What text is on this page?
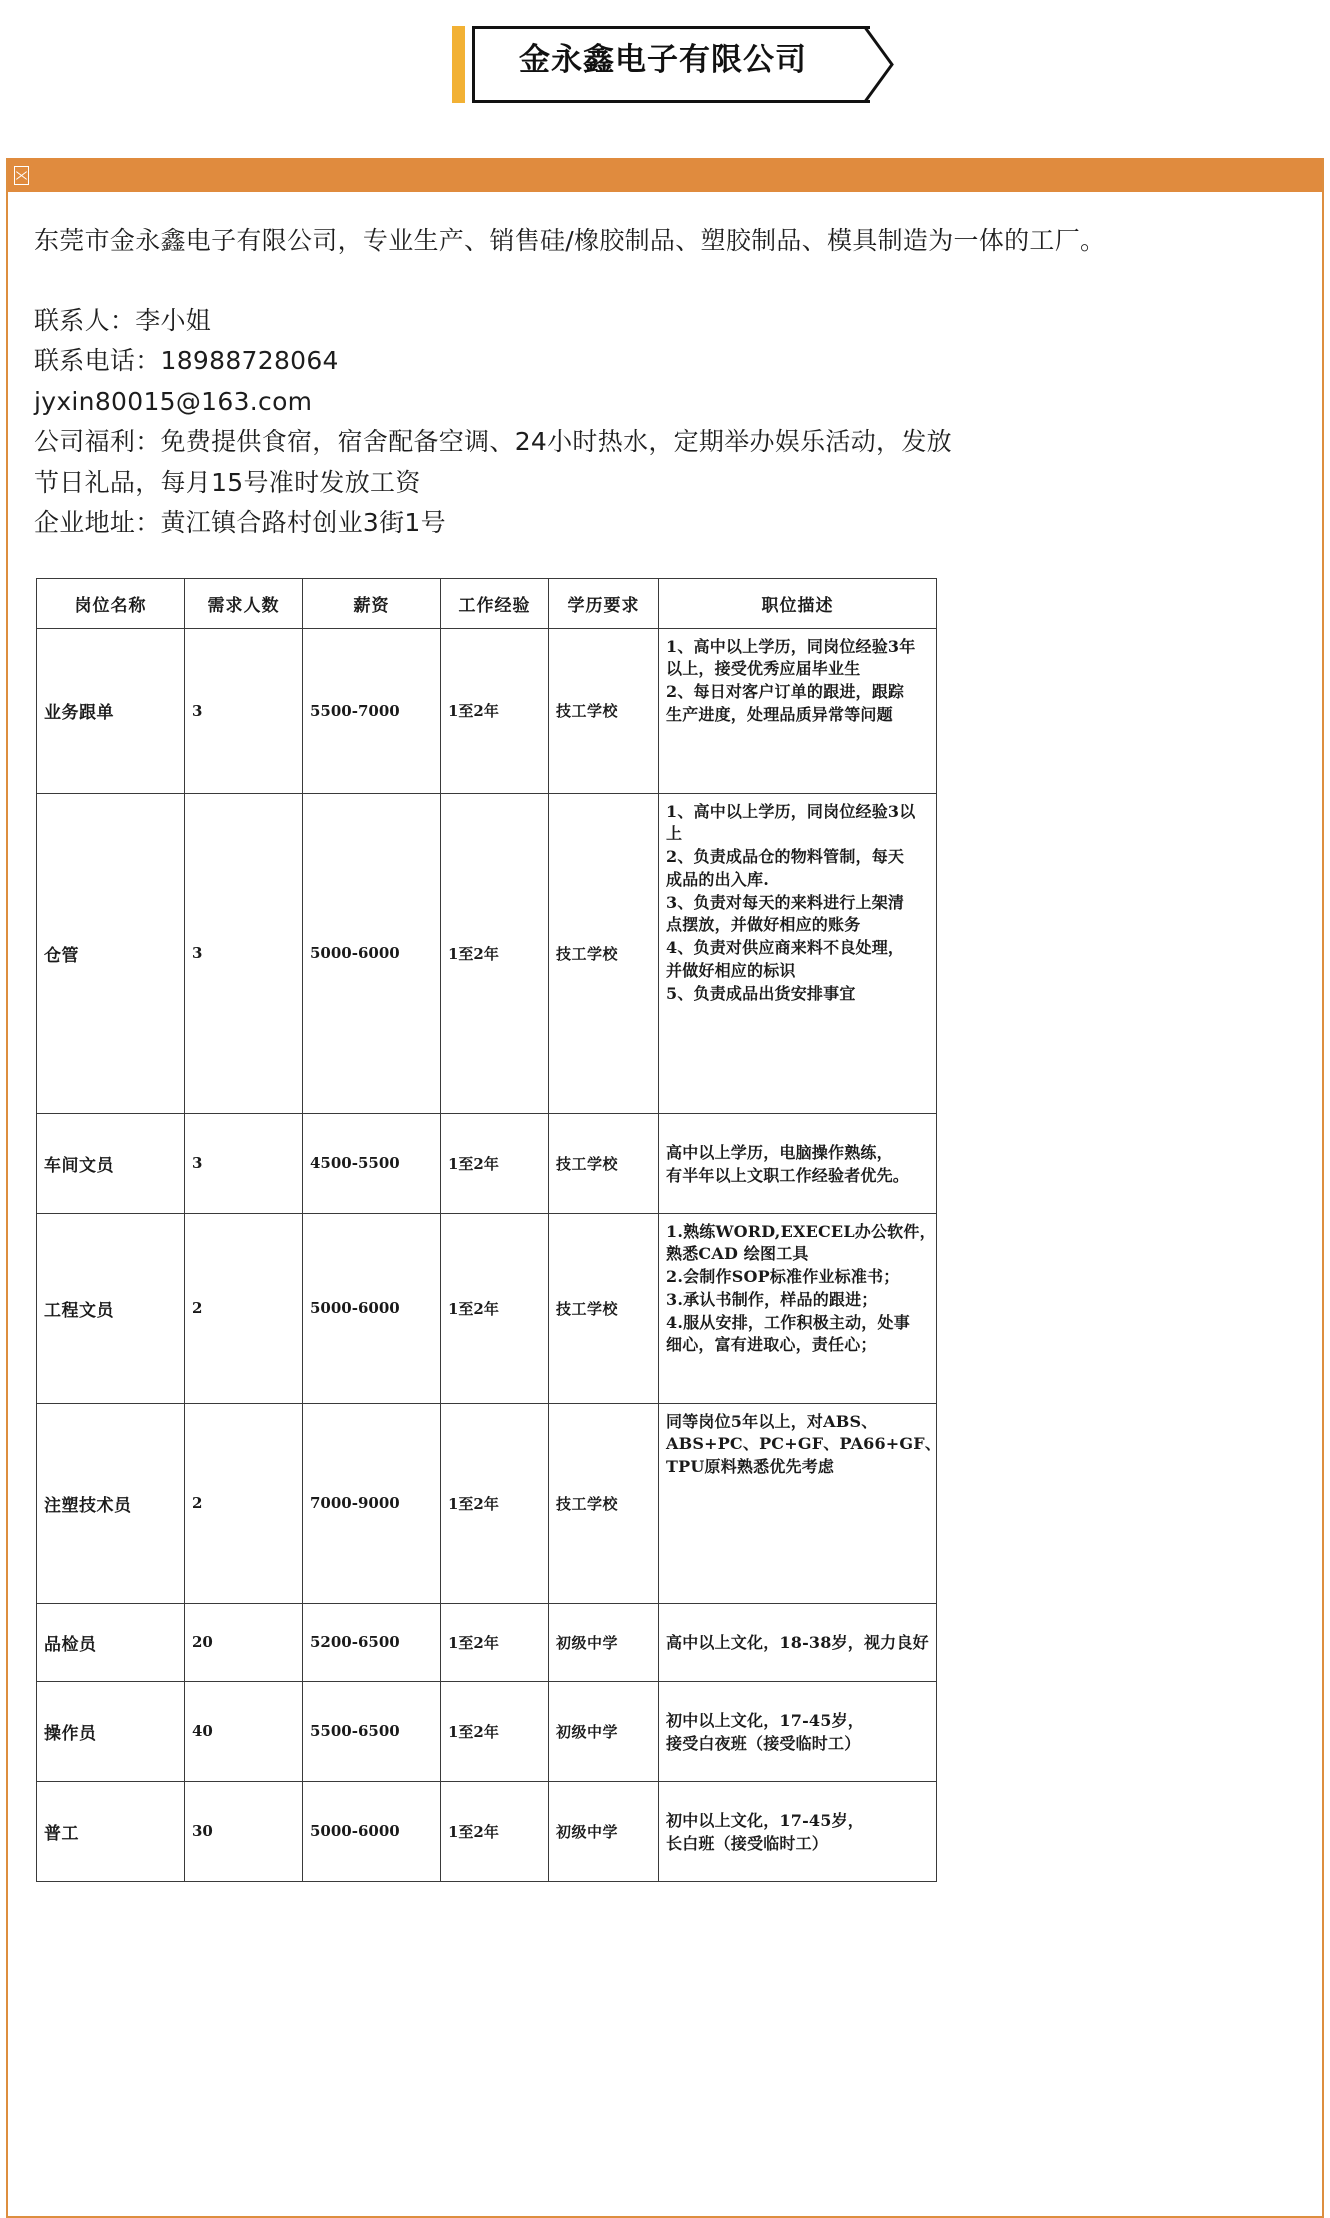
金永鑫电子有限公司

东莞市金永鑫电子有限公司，专业生产、销售硅/橡胶制品、塑胶制品、模具制造为一体的工厂。

联系人：李小姐
联系电话：18988728064
jyxin80015@163.com
公司福利：免费提供食宿，宿舍配备空调、24小时热水，定期举办娱乐活动，发放
节日礼品，每月15号准时发放工资
企业地址：黄江镇合路村创业3街1号
岗位名称	需求人数	薪资	工作经验	学历要求	职位描述
业务跟单	3	5500-7000	1至2年	技工学校	1、高中以上学历，同岗位经验3年
以上，接受优秀应届毕业生
2、每日对客户订单的跟进，跟踪
生产进度，处理品质异常等问题

仓管	3	5000-6000	1至2年	技工学校	
1、高中以上学历，同岗位经验3以
上
2、负责成品仓的物料管制，每天
成品的出入库.
3、负责对每天的来料进行上架清
点摆放，并做好相应的账务
4、负责对供应商来料不良处理，
并做好相应的标识
5、负责成品出货安排事宜

车间文员	3	4500-5500	1至2年	技工学校	高中以上学历，电脑操作熟练，
有半年以上文职工作经验者优先。

工程文员	2	5000-6000	1至2年	技工学校	
1.熟练WORD,EXECEL办公软件，
熟悉CAD 绘图工具
2.会制作SOP标准作业标准书；
3.承认书制作，样品的跟进；
4.服从安排，工作积极主动，处事
细心，富有进取心，责任心；

注塑技术员	2	7000-9000	1至2年	技工学校	同等岗位5年以上，对ABS、
ABS+PC、PC+GF、PA66+GF、
TPU原料熟悉优先考虑

品检员	20	5200-6500	1至2年	初级中学	高中以上文化，18-38岁，视力良好

操作员	40	5500-6500	1至2年	初级中学	初中以上文化，17-45岁，
接受白夜班（接受临时工）

普工	30	5000-6000	1至2年	初级中学	初中以上文化，17-45岁，
长白班（接受临时工）
